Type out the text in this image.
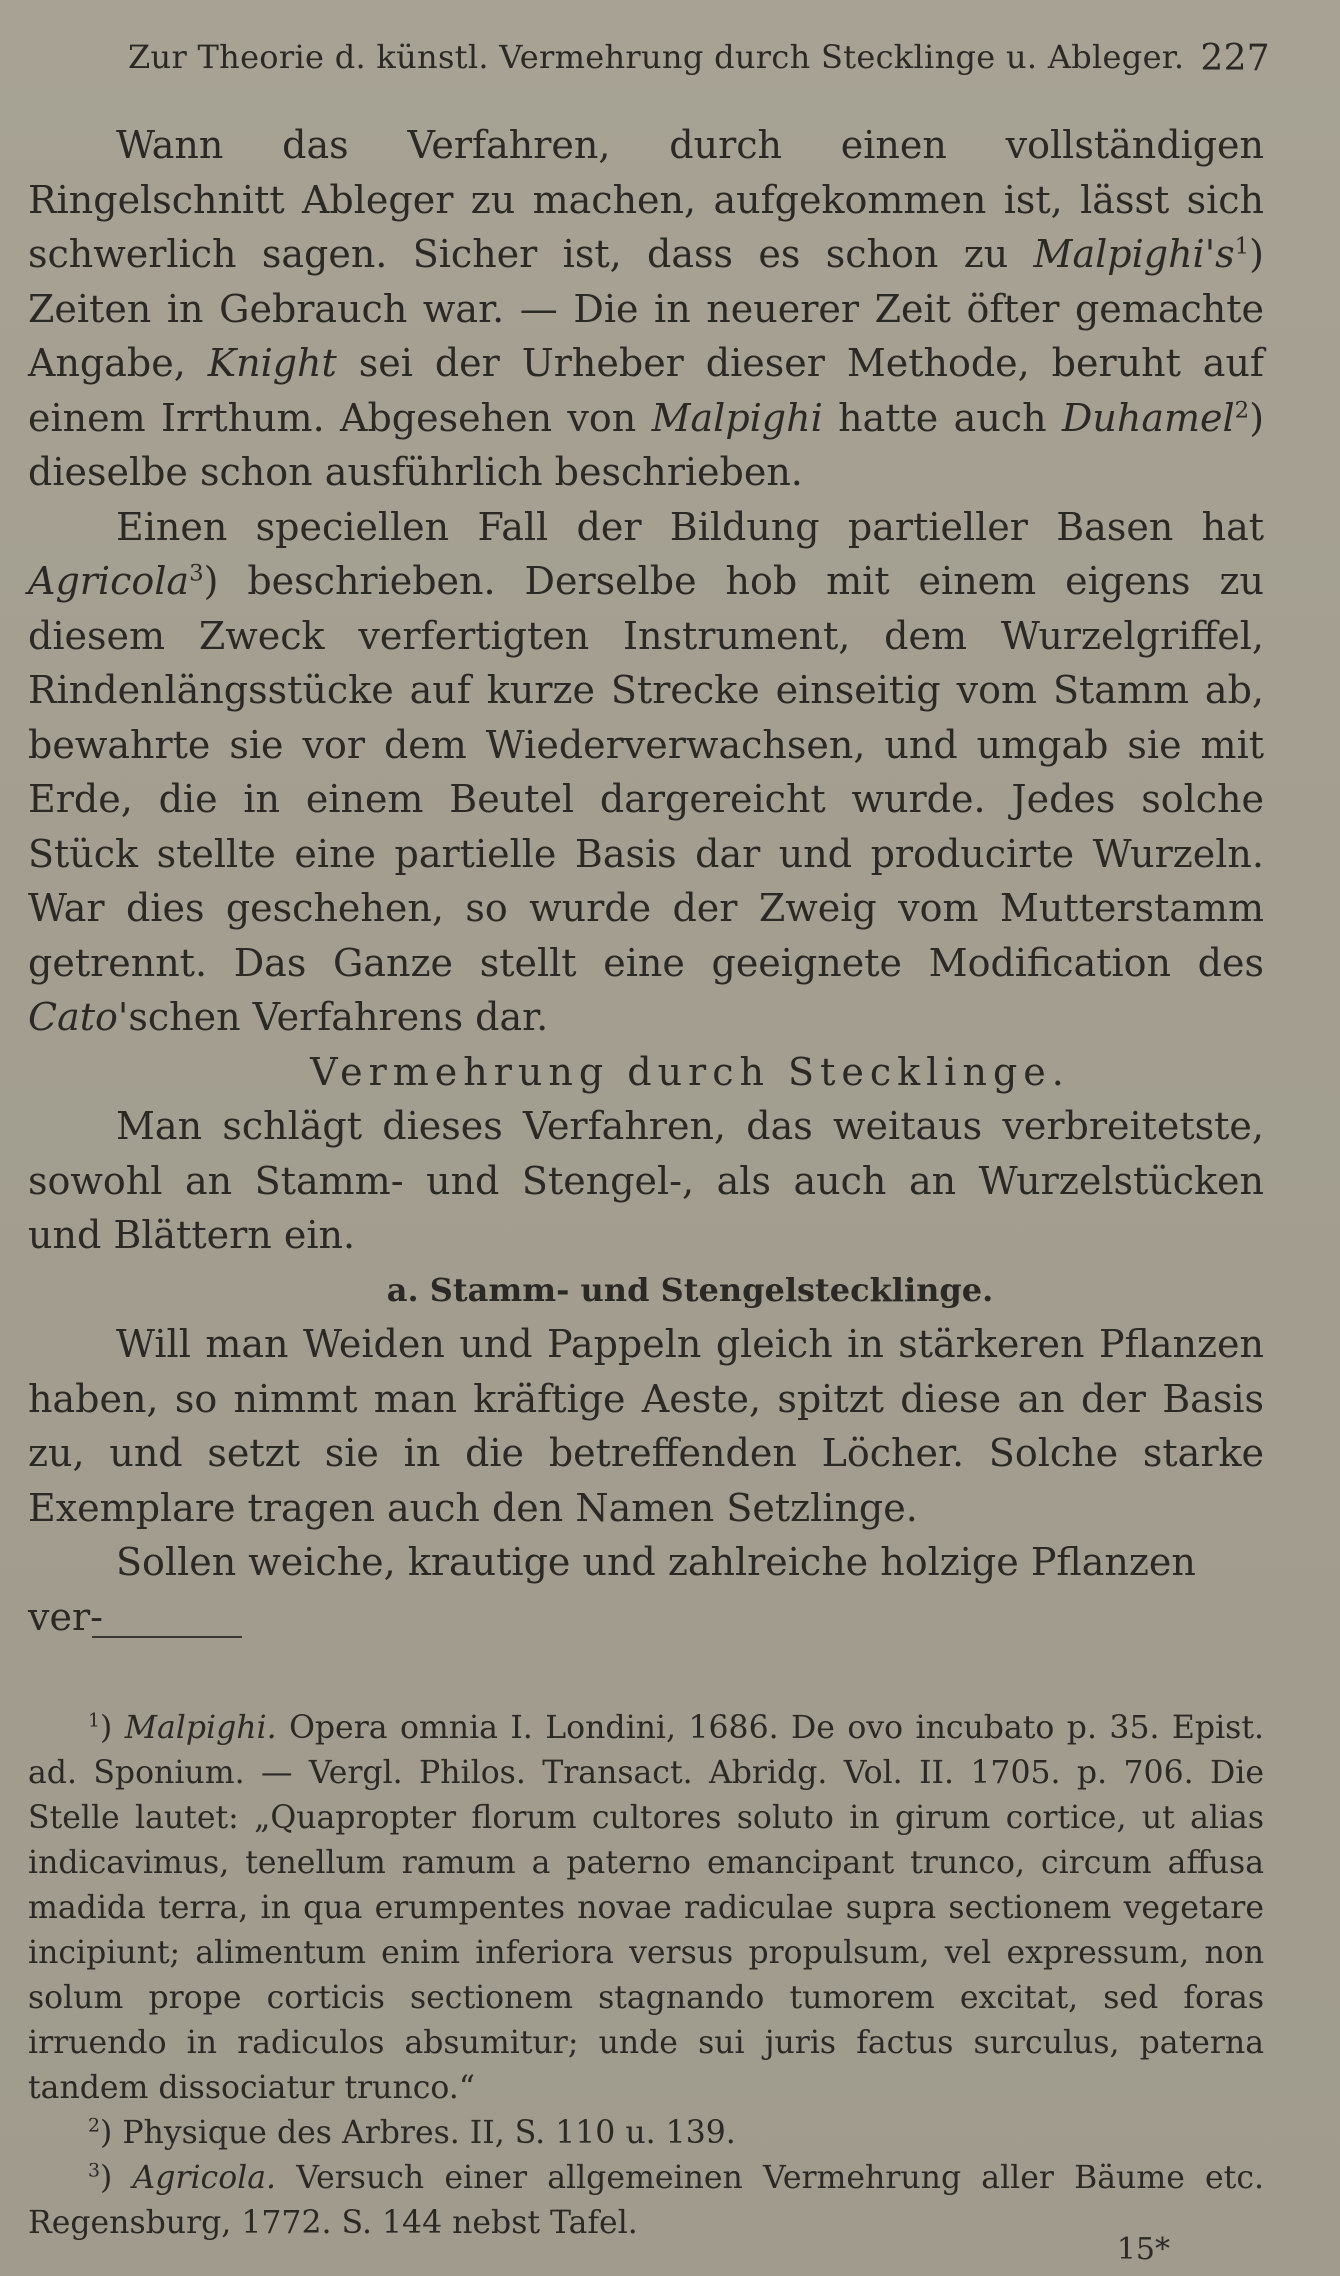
Zur Theorie d. künstl. Vermehrung durch Stecklinge u. Ableger. 227

Wann das Verfahren, durch einen vollständigen Ringelschnitt Ableger zu machen, aufgekommen ist, lässt sich schwerlich sagen. Sicher ist, dass es schon zu $Malpighi's^1$) Zeiten in Gebrauch war. — Die in neuerer Zeit öfter gemachte Angabe, Knight sei der Urheber dieser Methode, beruht auf einem Irrthum. Abgesehen von Malpighi hatte auch Duhamel$^2$) dieselbe schon ausführlich beschrieben.

Einen speciellen Fall der Bildung partieller Basen hat Agricola$^3$) beschrieben. Derselbe hob mit einem eigens zu diesem Zweck verfertigten Instrument, dem Wurzelgriffel, Rindenlängsstücke auf kurze Strecke einseitig vom Stamm ab, bewahrte sie vor dem Wiederverwachsen, und umgab sie mit Erde, die in einem Beutel dargereicht wurde. Jedes solche Stück stellte eine partielle Basis dar und producirte Wurzeln. War dies geschehen, so wurde der Zweig vom Mutterstamm getrennt. Das Ganze stellt eine geeignete Modification des Cato'schen Verfahrens dar.

Vermehrung durch Stecklinge.

Man schlägt dieses Verfahren, das weitaus verbreitetste, sowohl an Stamm- und Stengel-, als auch an Wurzelstücken und Blättern ein.

a. Stamm- und Stengelstecklinge.

Will man Weiden und Pappeln gleich in stärkeren Pflanzen haben, so nimmt man kräftige Aeste, spitzt diese an der Basis zu, und setzt sie in die betreffenden Löcher. Solche starke Exemplare tragen auch den Namen Setzlinge.

Sollen weiche, krautige und zahlreiche holzige Pflanzen ver-

$^1$) Malpighi. Opera omnia I. Londini, 1686. De ovo incubato p. 35. Epist. ad. Sponium. — Vergl. Philos. Transact. Abridg. Vol. II. 1705. p. 706. Die Stelle lautet: „Quapropter florum cultores soluto in girum cortice, ut alias indicavimus, tenellum ramum a paterno emancipant trunco, circum affusa madida terra, in qua erumpentes novae radiculae supra sectionem vegetare incipiunt; alimentum enim inferiora versus propulsum, vel expressum, non solum prope corticis sectionem stagnando tumorem excitat, sed foras irruendo in radiculos absumitur; unde sui juris factus surculus, paterna tandem dissociatur trunco.“

$^2$) Physique des Arbres. II, S. 110 u. 139.

$^3$) Agricola. Versuch einer allgemeinen Vermehrung aller Bäume etc. Regensburg, 1772. S. 144 nebst Tafel.

15*
